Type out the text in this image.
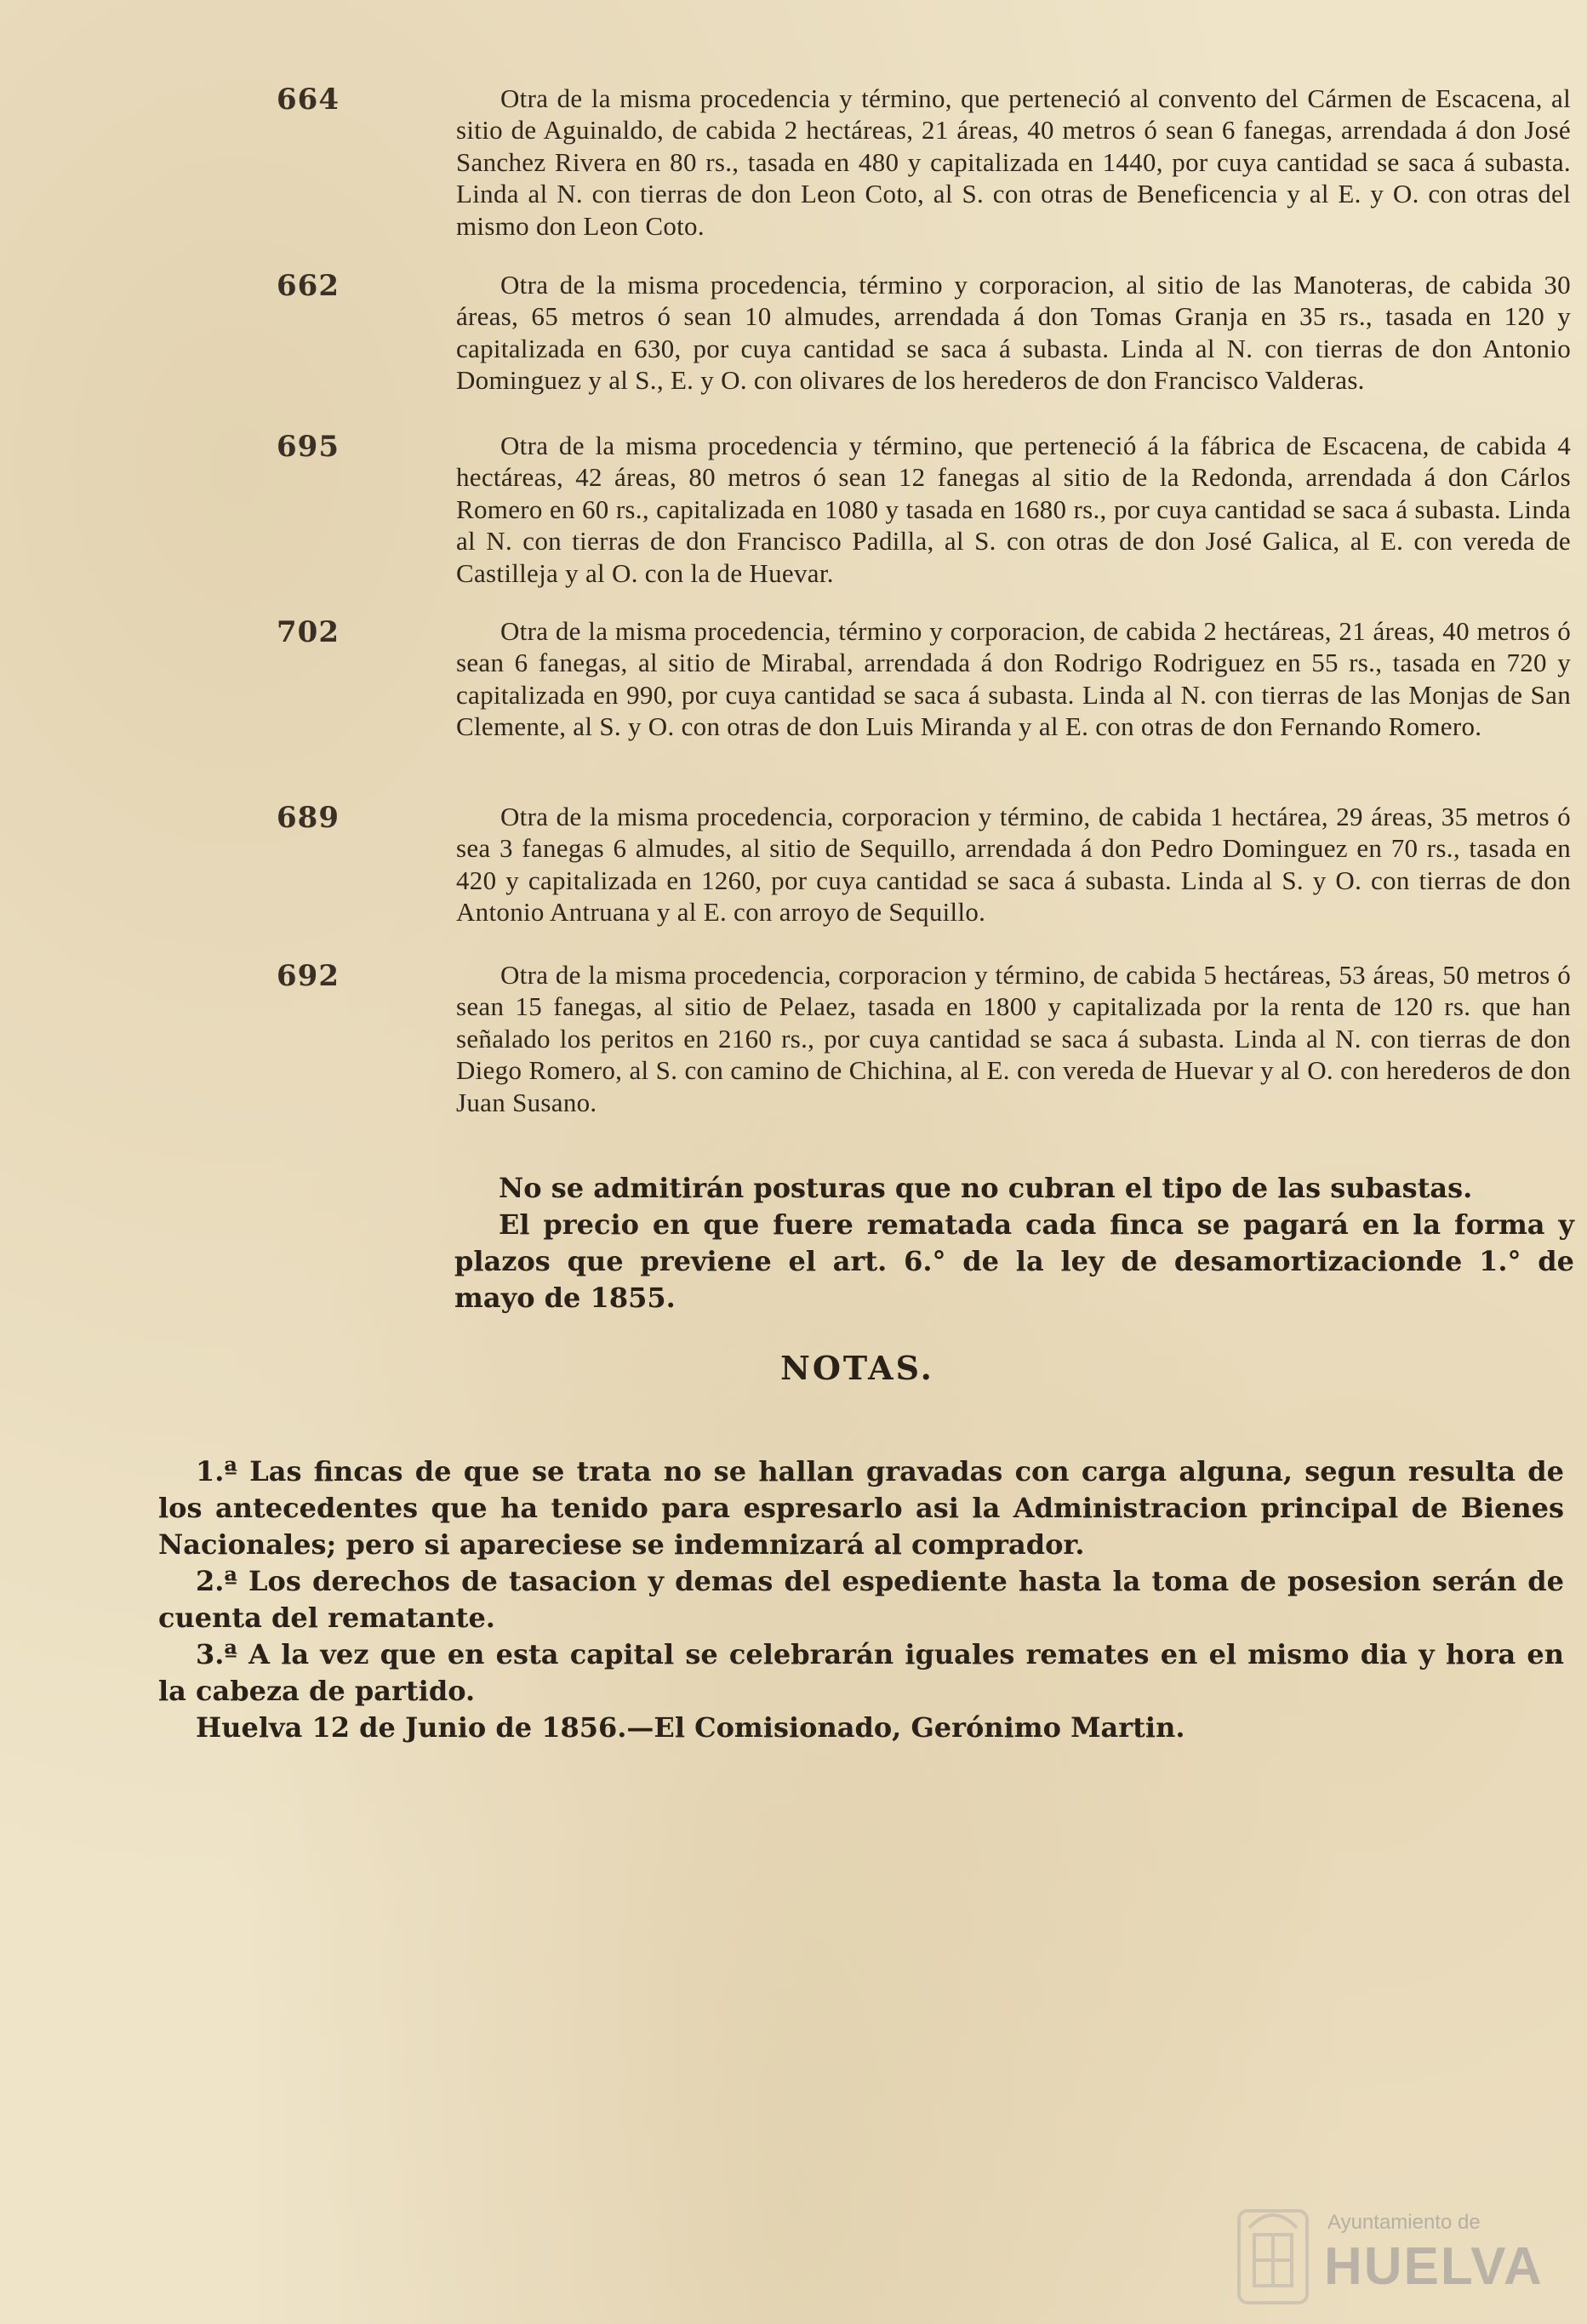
664	Otra de la misma procedencia y término, que perteneció al convento del Cármen de Escacena, al sitio de Aguinaldo, de cabida 2 hectáreas, 21 áreas, 40 metros ó sean 6 fanegas, arrendada á don José Sanchez Rivera en 80 rs., tasada en 480 y capitalizada en 1440, por cuya cantidad se saca á subasta. Linda al N. con tierras de don Leon Coto, al S. con otras de Beneficencia y al E. y O. con otras del mismo don Leon Coto.
662	Otra de la misma procedencia, término y corporacion, al sitio de las Manoteras, de cabida 30 áreas, 65 metros ó sean 10 almudes, arrendada á don Tomas Granja en 35 rs., tasada en 120 y capitalizada en 630, por cuya cantidad se saca á subasta. Linda al N. con tierras de don Antonio Dominguez y al S., E. y O. con olivares de los herederos de don Francisco Valderas.
695	Otra de la misma procedencia y término, que perteneció á la fábrica de Escacena, de cabida 4 hectáreas, 42 áreas, 80 metros ó sean 12 fanegas al sitio de la Redonda, arrendada á don Cárlos Romero en 60 rs., capitalizada en 1080 y tasada en 1680 rs., por cuya cantidad se saca á subasta. Linda al N. con tierras de don Francisco Padilla, al S. con otras de don José Galica, al E. con vereda de Castilleja y al O. con la de Huevar.
702	Otra de la misma procedencia, término y corporacion, de cabida 2 hectáreas, 21 áreas, 40 metros ó sean 6 fanegas, al sitio de Mirabal, arrendada á don Rodrigo Rodriguez en 55 rs., tasada en 720 y capitalizada en 990, por cuya cantidad se saca á subasta. Linda al N. con tierras de las Monjas de San Clemente, al S. y O. con otras de don Luis Miranda y al E. con otras de don Fernando Romero.
689	Otra de la misma procedencia, corporacion y término, de cabida 1 hectárea, 29 áreas, 35 metros ó sea 3 fanegas 6 almudes, al sitio de Sequillo, arrendada á don Pedro Dominguez en 70 rs., tasada en 420 y capitalizada en 1260, por cuya cantidad se saca á subasta. Linda al S. y O. con tierras de don Antonio Antruana y al E. con arroyo de Sequillo.
692	Otra de la misma procedencia, corporacion y término, de cabida 5 hectáreas, 53 áreas, 50 metros ó sean 15 fanegas, al sitio de Pelaez, tasada en 1800 y capitalizada por la renta de 120 rs. que han señalado los peritos en 2160 rs., por cuya cantidad se saca á subasta. Linda al N. con tierras de don Diego Romero, al S. con camino de Chichina, al E. con vereda de Huevar y al O. con herederos de don Juan Susano.

No se admitirán posturas que no cubran el tipo de las subastas.

El precio en que fuere rematada cada finca se pagará en la forma y plazos que previene el art. 6.° de la ley de desamortizacionde 1.° de mayo de 1855.

NOTAS.

1.ª Las fincas de que se trata no se hallan gravadas con carga alguna, segun resulta de los antecedentes que ha tenido para espresarlo asi la Administracion principal de Bienes Nacionales; pero si apareciese se indemnizará al comprador.

2.ª Los derechos de tasacion y demas del espediente hasta la toma de posesion serán de cuenta del rematante.

3.ª A la vez que en esta capital se celebrarán iguales remates en el mismo dia y hora en la cabeza de partido.

Huelva 12 de Junio de 1856.—El Comisionado, Gerónimo Martin.

Ayuntamiento de
HUELVA
